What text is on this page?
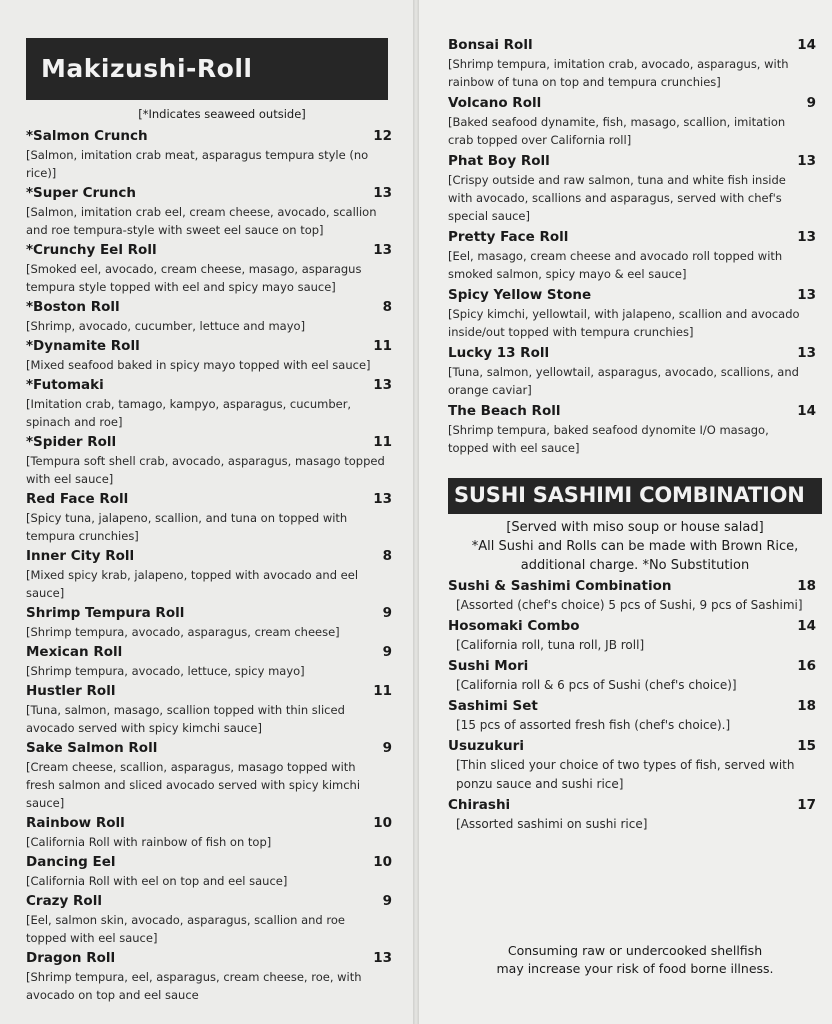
Makizushi-Roll
[*Indicates seaweed outside]
*Salmon Crunch	12
[Salmon, imitation crab meat, asparagus tempura style (no rice)]
*Super Crunch	13
[Salmon, imitation crab eel, cream cheese, avocado, scallion and roe tempura-style with sweet eel sauce on top]
*Crunchy Eel Roll	13
[Smoked eel, avocado, cream cheese, masago, asparagus tempura style topped with eel and spicy mayo sauce]
*Boston Roll	8
[Shrimp, avocado, cucumber, lettuce and mayo]
*Dynamite Roll	11
[Mixed seafood baked in spicy mayo topped with eel sauce]
*Futomaki	13
[Imitation crab, tamago, kampyo, asparagus, cucumber, spinach and roe]
*Spider Roll	11
[Tempura soft shell crab, avocado, asparagus, masago topped with eel sauce]
Red Face Roll	13
[Spicy tuna, jalapeno, scallion, and tuna on topped with tempura crunchies]
Inner City Roll	8
[Mixed spicy krab, jalapeno, topped with avocado and eel sauce]
Shrimp Tempura Roll	9
[Shrimp tempura, avocado, asparagus, cream cheese]
Mexican Roll	9
[Shrimp tempura, avocado, lettuce, spicy mayo]
Hustler Roll	11
[Tuna, salmon, masago, scallion topped with thin sliced avocado served with spicy kimchi sauce]
Sake Salmon Roll	9
[Cream cheese, scallion, asparagus, masago topped with fresh salmon and sliced avocado served with spicy kimchi sauce]
Rainbow Roll	10
[California Roll with rainbow of fish on top]
Dancing Eel	10
[California Roll with eel on top and eel sauce]
Crazy Roll	9
[Eel, salmon skin, avocado, asparagus, scallion and roe topped with eel sauce]
Dragon Roll	13
[Shrimp tempura, eel, asparagus, cream cheese, roe, with avocado on top and eel sauce
Bonsai Roll	14
[Shrimp tempura, imitation crab, avocado, asparagus, with rainbow of tuna on top and tempura crunchies]
Volcano Roll	9
[Baked seafood dynamite, fish, masago, scallion, imitation crab topped over California roll]
Phat Boy Roll	13
[Crispy outside and raw salmon, tuna and white fish inside with avocado, scallions and asparagus, served with chef's special sauce]
Pretty Face Roll	13
[Eel, masago, cream cheese and avocado roll topped with smoked salmon, spicy mayo & eel sauce]
Spicy Yellow Stone	13
[Spicy kimchi, yellowtail, with jalapeno, scallion and avocado inside/out topped with tempura crunchies]
Lucky 13 Roll	13
[Tuna, salmon, yellowtail, asparagus, avocado, scallions, and orange caviar]
The Beach Roll	14
[Shrimp tempura, baked seafood dynomite I/O masago, topped with eel sauce]
SUSHI SASHIMI COMBINATION
[Served with miso soup or house salad]
*All Sushi and Rolls can be made with Brown Rice,
additional charge. *No Substitution
Sushi & Sashimi Combination	18
[Assorted (chef's choice) 5 pcs of Sushi, 9 pcs of Sashimi]
Hosomaki Combo	14
[California roll, tuna roll, JB roll]
Sushi Mori	16
[California roll & 6 pcs of Sushi (chef's choice)]
Sashimi Set	18
[15 pcs of assorted fresh fish (chef's choice).]
Usuzukuri	15
[Thin sliced your choice of two types of fish, served with ponzu sauce and sushi rice]
Chirashi	17
[Assorted sashimi on sushi rice]
Consuming raw or undercooked shellfish
may increase your risk of food borne illness.
